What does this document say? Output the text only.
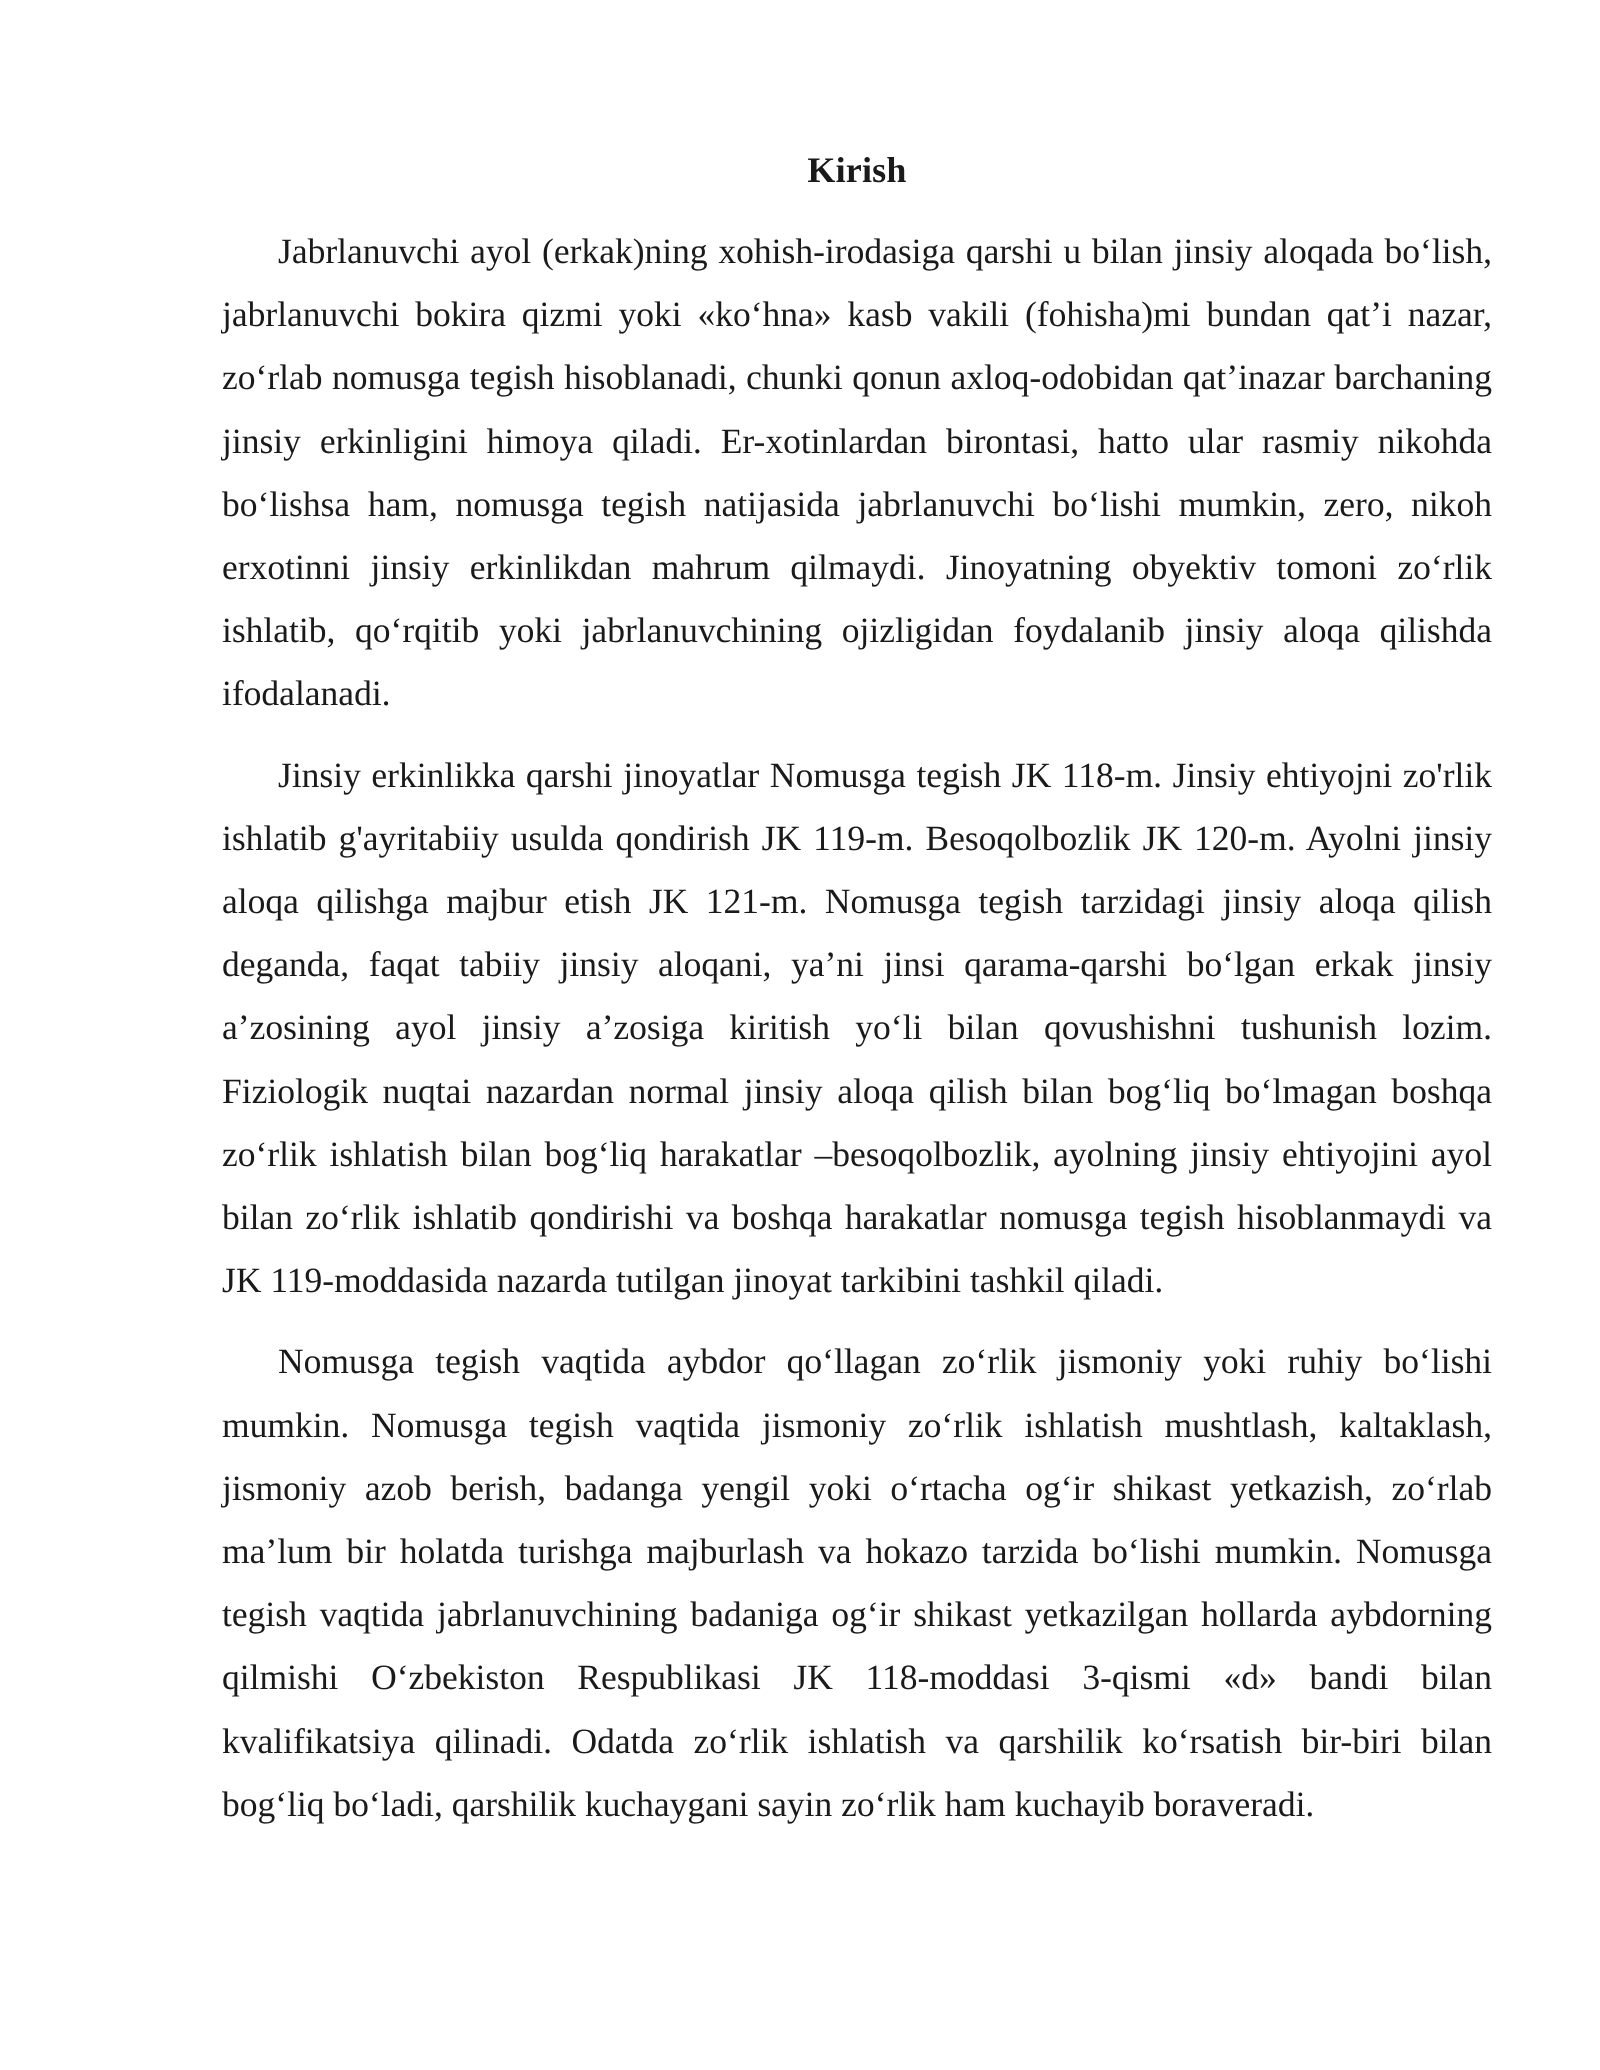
Kirish

Jabrlanuvchi ayol (erkak)ning xohish-irodasiga qarshi u bilan jinsiy aloqada bo‘lish, jabrlanuvchi bokira qizmi yoki «ko‘hna» kasb vakili (fohisha)mi bundan qat’i nazar, zo‘rlab nomusga tegish hisoblanadi, chunki qonun axloq-odobidan qat’inazar barchaning jinsiy erkinligini himoya qiladi. Er-xotinlardan birontasi, hatto ular rasmiy nikohda bo‘lishsa ham, nomusga tegish natijasida jabrlanuvchi bo‘lishi mumkin, zero, nikoh erxotinni jinsiy erkinlikdan mahrum qilmaydi. Jinoyatning obyektiv tomoni zo‘rlik ishlatib, qo‘rqitib yoki jabrlanuvchining ojizligidan foydalanib jinsiy aloqa qilishda ifodalanadi.

Jinsiy erkinlikka qarshi jinoyatlar Nomusga tegish JK 118-m. Jinsiy ehtiyojni zo'rlik ishlatib g'ayritabiiy usulda qondirish JK 119-m. Besoqolbozlik JK 120-m. Ayolni jinsiy aloqa qilishga majbur etish JK 121-m. Nomusga tegish tarzidagi jinsiy aloqa qilish deganda, faqat tabiiy jinsiy aloqani, ya’ni jinsi qarama-qarshi bo‘lgan erkak jinsiy a’zosining ayol jinsiy a’zosiga kiritish yo‘li bilan qovushishni tushunish lozim. Fiziologik nuqtai nazardan normal jinsiy aloqa qilish bilan bog‘liq bo‘lmagan boshqa zo‘rlik ishlatish bilan bog‘liq harakatlar –besoqolbozlik, ayolning jinsiy ehtiyojini ayol bilan zo‘rlik ishlatib qondirishi va boshqa harakatlar nomusga tegish hisoblanmaydi va JK 119-moddasida nazarda tutilgan jinoyat tarkibini tashkil qiladi.

Nomusga tegish vaqtida aybdor qo‘llagan zo‘rlik jismoniy yoki ruhiy bo‘lishi mumkin. Nomusga tegish vaqtida jismoniy zo‘rlik ishlatish mushtlash, kaltaklash, jismoniy azob berish, badanga yengil yoki o‘rtacha og‘ir shikast yetkazish, zo‘rlab ma’lum bir holatda turishga majburlash va hokazo tarzida bo‘lishi mumkin. Nomusga tegish vaqtida jabrlanuvchining badaniga og‘ir shikast yetkazilgan hollarda aybdorning qilmishi O‘zbekiston Respublikasi JK 118-moddasi 3-qismi «d» bandi bilan kvalifikatsiya qilinadi. Odatda zo‘rlik ishlatish va qarshilik ko‘rsatish bir-biri bilan bog‘liq bo‘ladi, qarshilik kuchaygani sayin zo‘rlik ham kuchayib boraveradi.
